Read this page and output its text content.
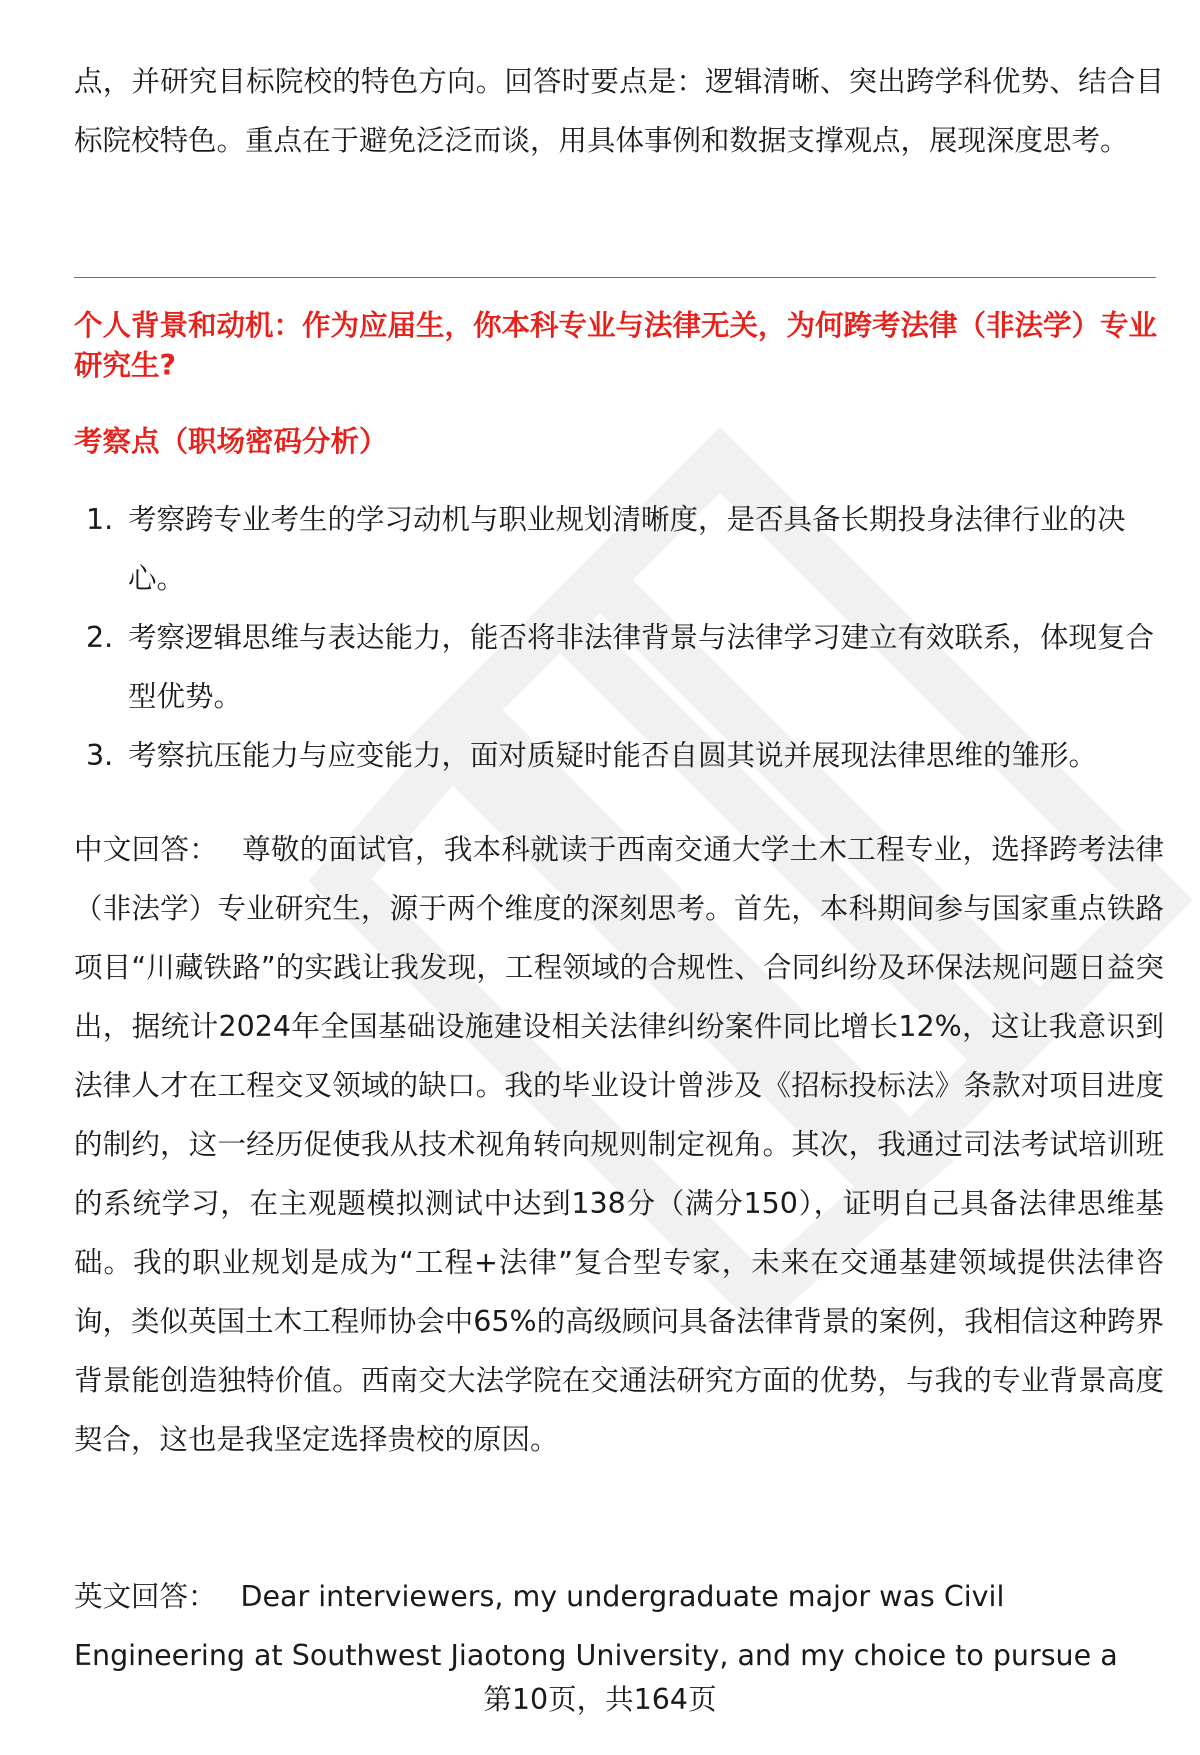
点，并研究目标院校的特色方向。回答时要点是：逻辑清晰、突出跨学科优势、结合目标院校特色。重点在于避免泛泛而谈，用具体事例和数据支撑观点，展现深度思考。

个人背景和动机：作为应届生，你本科专业与法律无关，为何跨考法律（非法学）专业研究生?
考察点（职场密码分析）
1. 考察跨专业考生的学习动机与职业规划清晰度，是否具备长期投身法律行业的决心。
2. 考察逻辑思维与表达能力，能否将非法律背景与法律学习建立有效联系，体现复合型优势。
3. 考察抗压能力与应变能力，面对质疑时能否自圆其说并展现法律思维的雏形。

中文回答： 尊敬的面试官，我本科就读于西南交通大学土木工程专业，选择跨考法律（非法学）专业研究生，源于两个维度的深刻思考。首先，本科期间参与国家重点铁路项目“川藏铁路”的实践让我发现，工程领域的合规性、合同纠纷及环保法规问题日益突出，据统计2024年全国基础设施建设相关法律纠纷案件同比增长12%，这让我意识到法律人才在工程交叉领域的缺口。我的毕业设计曾涉及《招标投标法》条款对项目进度的制约，这一经历促使我从技术视角转向规则制定视角。其次，我通过司法考试培训班的系统学习，在主观题模拟测试中达到138分（满分150），证明自己具备法律思维基础。我的职业规划是成为“工程+法律”复合型专家，未来在交通基建领域提供法律咨询，类似英国土木工程师协会中65%的高级顾问具备法律背景的案例，我相信这种跨界背景能创造独特价值。西南交大法学院在交通法研究方面的优势，与我的专业背景高度契合，这也是我坚定选择贵校的原因。

英文回答： Dear interviewers, my undergraduate major was Civil
Engineering at Southwest Jiaotong University, and my choice to pursue a

第10页，共164页
